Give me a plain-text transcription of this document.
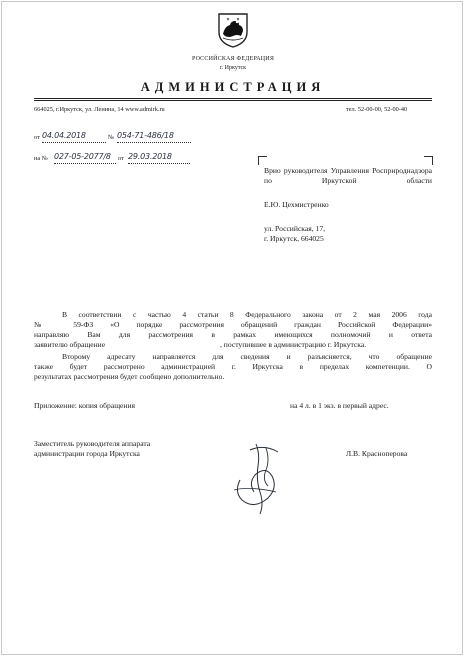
РОССИЙСКАЯ ФЕДЕРАЦИЯ
г. Иркутск
АДМИНИСТРАЦИЯ
664025, г.Иркутск, ул. Ленина, 14 www.admirk.ru	тел. 52-00-00, 52-00-40
от 04.04.2018	№ 054-71-486/18
на № 027-05-2077/8 от 29.03.2018
Врио руководителя Управления Росприроднадзора по Иркутской области
Е.Ю. Цехмистренко
ул. Российская, 17,
г. Иркутск, 664025
В соответствии с частью 4 статьи 8 Федерального закона от 2 мая 2006 года
№ 59-ФЗ «О порядке рассмотрения обращений граждан Российской Федерации»
направляю Вам для рассмотрения в рамках имеющихся полномочий и ответа
заявителю обращение	, поступившее в администрацию г. Иркутска.
Второму адресату направляется для сведения и разъясняется, что обращение
также будет рассмотрено администрацией г. Иркутска в пределах компетенции. О
результатах рассмотрения будет сообщено дополнительно.
Приложение: копия обращения	на 4 л. в 1 экз. в первый адрес.
Заместитель руководителя аппарата
администрации города Иркутска	Л.В. Красноперова
